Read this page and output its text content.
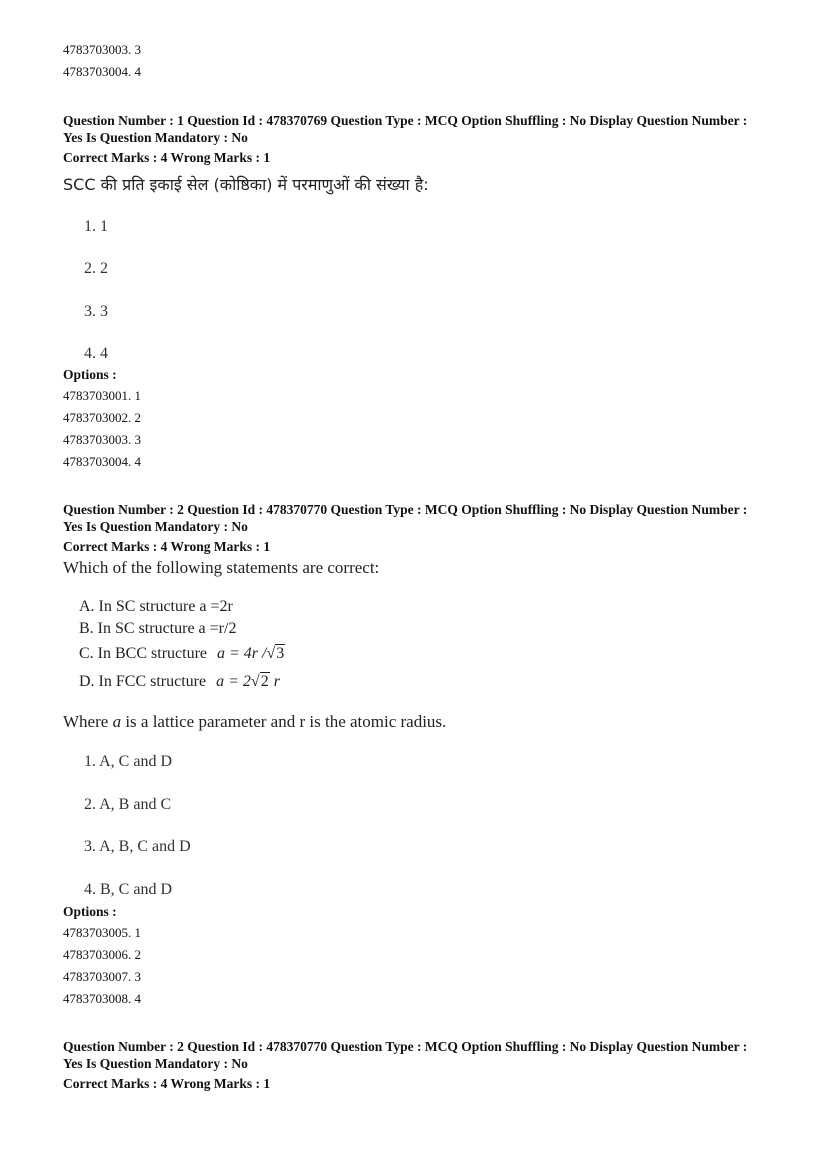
4783703003. 3
4783703004. 4
Question Number : 1 Question Id : 478370769 Question Type : MCQ Option Shuffling : No Display Question Number : Yes Is Question Mandatory : No
Correct Marks : 4 Wrong Marks : 1
SCC की प्रति इकाई सेल (कोष्ठिका) में परमाणुओं की संख्या है:
1. 1
2. 2
3. 3
4. 4
Options :
4783703001. 1
4783703002. 2
4783703003. 3
4783703004. 4
Question Number : 2 Question Id : 478370770 Question Type : MCQ Option Shuffling : No Display Question Number : Yes Is Question Mandatory : No
Correct Marks : 4 Wrong Marks : 1
Which of the following statements are correct:
A. In SC structure a =2r
B. In SC structure a =r/2
C. In BCC structure a = 4r /√3
D. In FCC structure a = 2√2 r
Where a is a lattice parameter and r is the atomic radius.
1. A, C and D
2. A, B and C
3. A, B, C and D
4. B, C and D
Options :
4783703005. 1
4783703006. 2
4783703007. 3
4783703008. 4
Question Number : 2 Question Id : 478370770 Question Type : MCQ Option Shuffling : No Display Question Number : Yes Is Question Mandatory : No
Correct Marks : 4 Wrong Marks : 1
